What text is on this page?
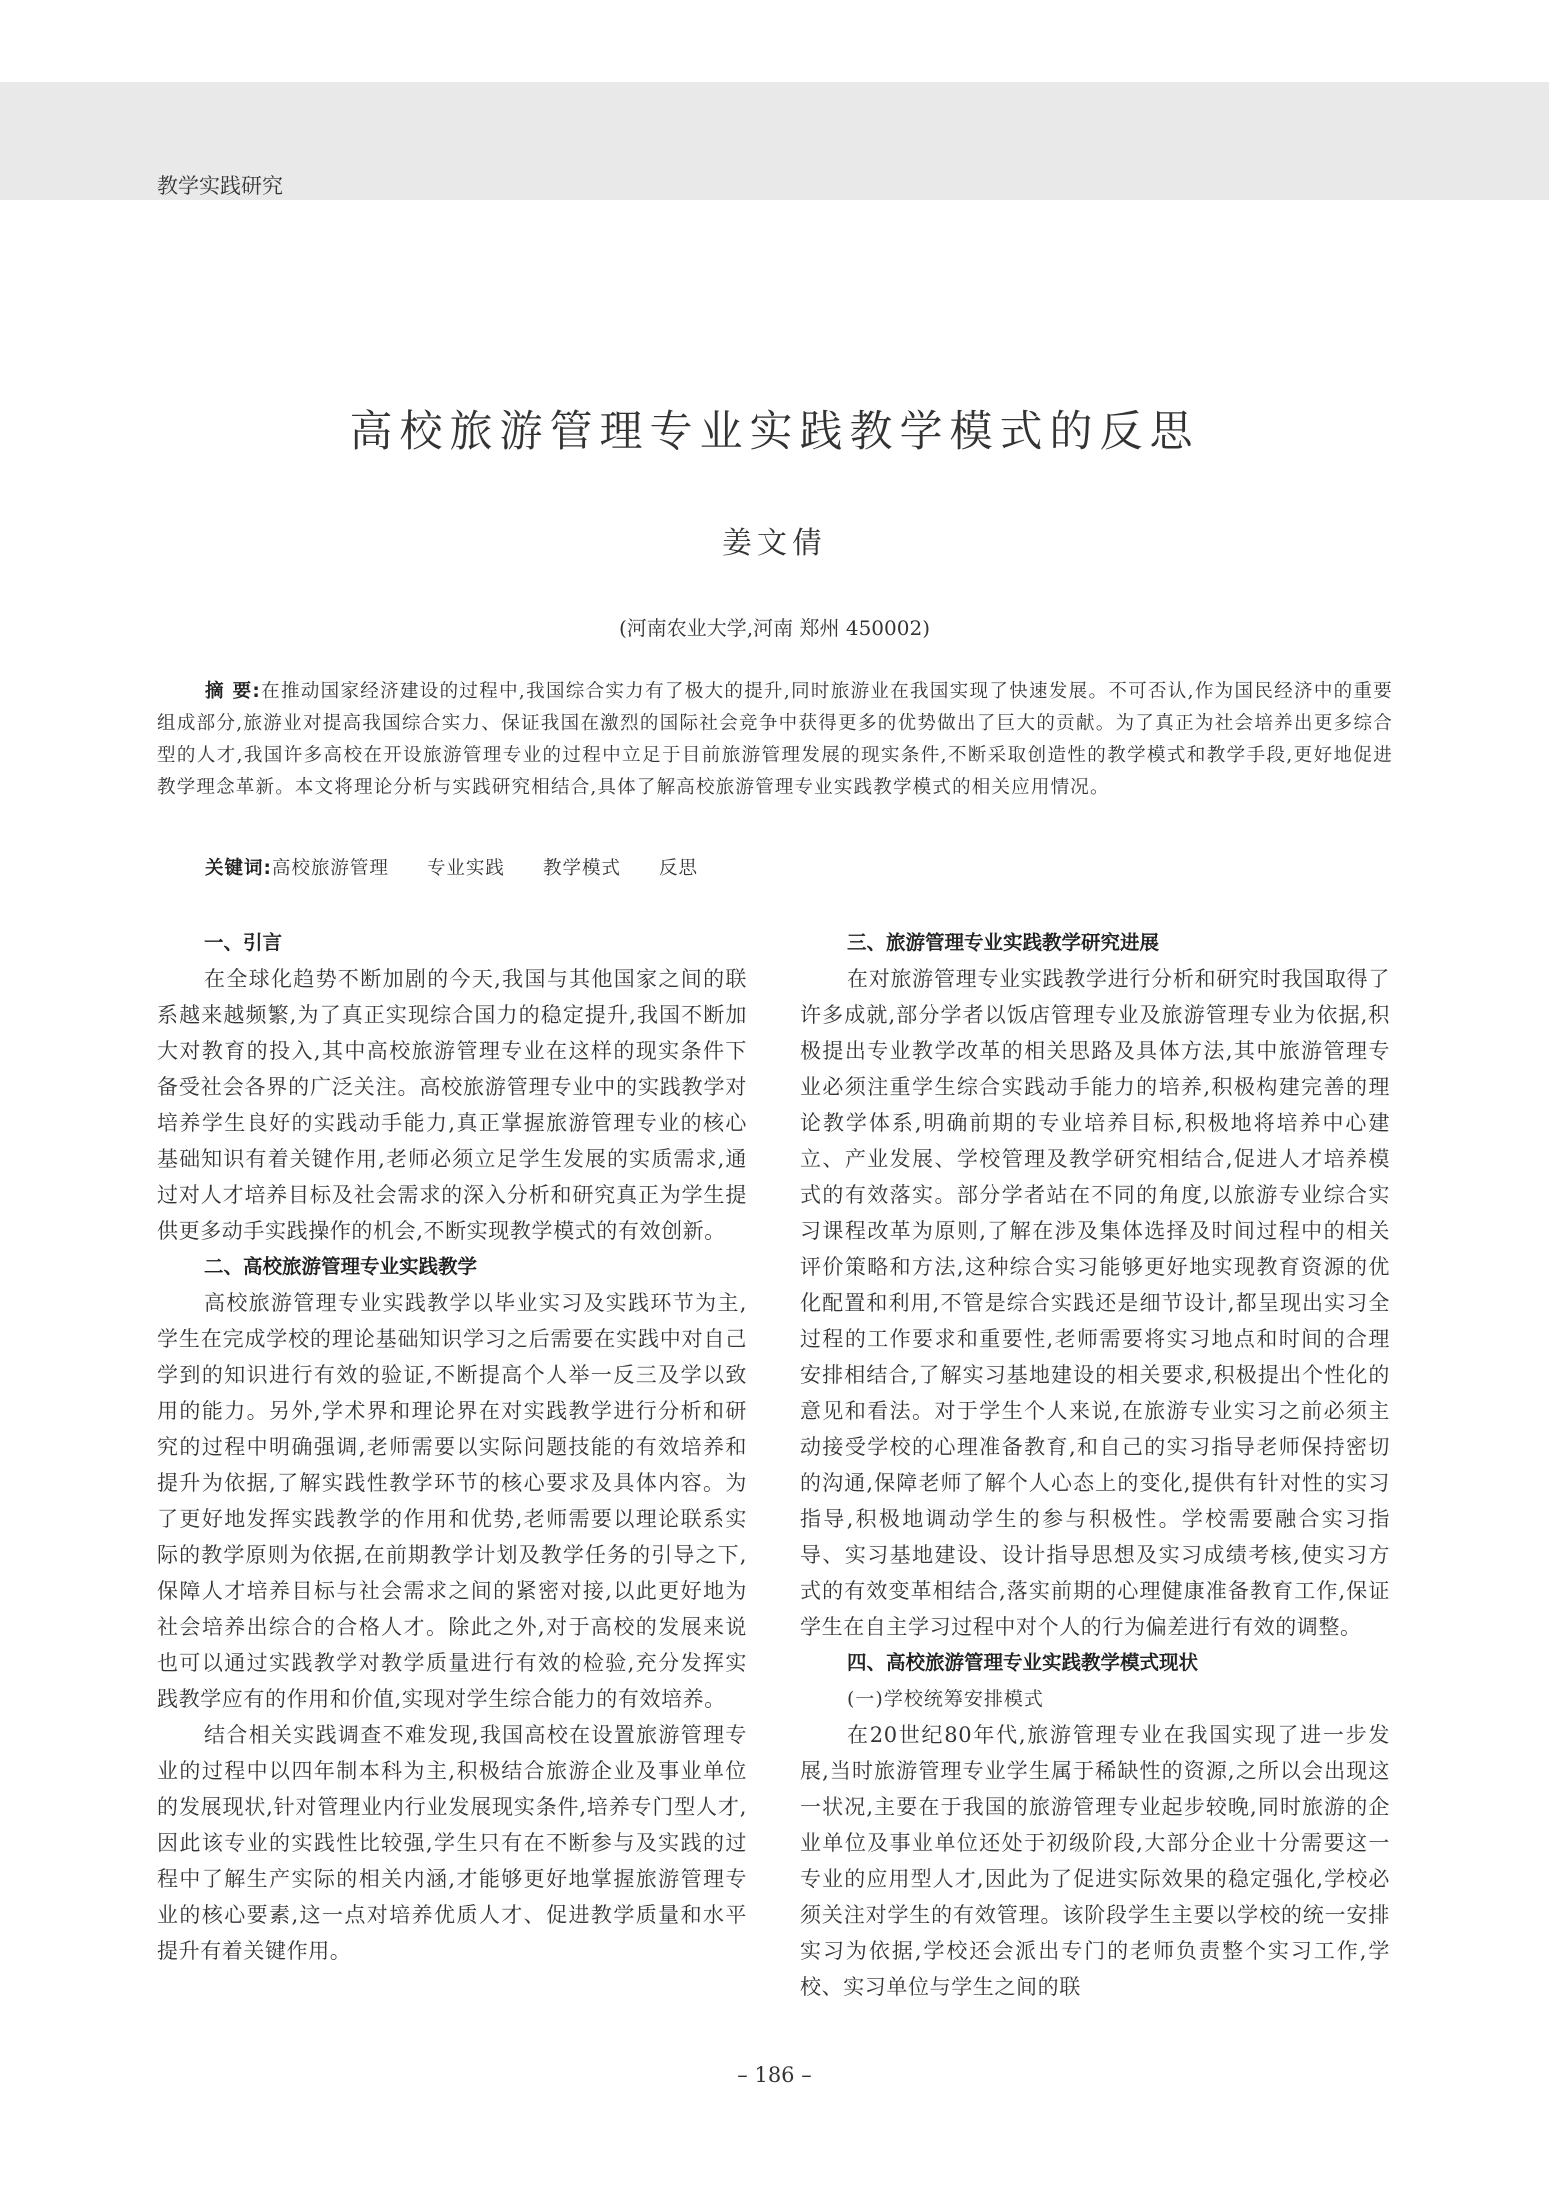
教学实践研究
高校旅游管理专业实践教学模式的反思
姜文倩
(河南农业大学,河南 郑州 450002)
摘 要:在推动国家经济建设的过程中,我国综合实力有了极大的提升,同时旅游业在我国实现了快速发展。不可否认,作为国民经济中的重要组成部分,旅游业对提高我国综合实力、保证我国在激烈的国际社会竞争中获得更多的优势做出了巨大的贡献。为了真正为社会培养出更多综合型的人才,我国许多高校在开设旅游管理专业的过程中立足于目前旅游管理发展的现实条件,不断采取创造性的教学模式和教学手段,更好地促进教学理念革新。本文将理论分析与实践研究相结合,具体了解高校旅游管理专业实践教学模式的相关应用情况。
关键词:高校旅游管理 专业实践 教学模式 反思
一、引言

在全球化趋势不断加剧的今天,我国与其他国家之间的联系越来越频繁,为了真正实现综合国力的稳定提升,我国不断加大对教育的投入,其中高校旅游管理专业在这样的现实条件下备受社会各界的广泛关注。高校旅游管理专业中的实践教学对培养学生良好的实践动手能力,真正掌握旅游管理专业的核心基础知识有着关键作用,老师必须立足学生发展的实质需求,通过对人才培养目标及社会需求的深入分析和研究真正为学生提供更多动手实践操作的机会,不断实现教学模式的有效创新。

二、高校旅游管理专业实践教学

高校旅游管理专业实践教学以毕业实习及实践环节为主,学生在完成学校的理论基础知识学习之后需要在实践中对自己学到的知识进行有效的验证,不断提高个人举一反三及学以致用的能力。另外,学术界和理论界在对实践教学进行分析和研究的过程中明确强调,老师需要以实际问题技能的有效培养和提升为依据,了解实践性教学环节的核心要求及具体内容。为了更好地发挥实践教学的作用和优势,老师需要以理论联系实际的教学原则为依据,在前期教学计划及教学任务的引导之下,保障人才培养目标与社会需求之间的紧密对接,以此更好地为社会培养出综合的合格人才。除此之外,对于高校的发展来说也可以通过实践教学对教学质量进行有效的检验,充分发挥实践教学应有的作用和价值,实现对学生综合能力的有效培养。

结合相关实践调查不难发现,我国高校在设置旅游管理专业的过程中以四年制本科为主,积极结合旅游企业及事业单位的发展现状,针对管理业内行业发展现实条件,培养专门型人才,因此该专业的实践性比较强,学生只有在不断参与及实践的过程中了解生产实际的相关内涵,才能够更好地掌握旅游管理专业的核心要素,这一点对培养优质人才、促进教学质量和水平提升有着关键作用。

三、旅游管理专业实践教学研究进展

在对旅游管理专业实践教学进行分析和研究时我国取得了许多成就,部分学者以饭店管理专业及旅游管理专业为依据,积极提出专业教学改革的相关思路及具体方法,其中旅游管理专业必须注重学生综合实践动手能力的培养,积极构建完善的理论教学体系,明确前期的专业培养目标,积极地将培养中心建立、产业发展、学校管理及教学研究相结合,促进人才培养模式的有效落实。部分学者站在不同的角度,以旅游专业综合实习课程改革为原则,了解在涉及集体选择及时间过程中的相关评价策略和方法,这种综合实习能够更好地实现教育资源的优化配置和利用,不管是综合实践还是细节设计,都呈现出实习全过程的工作要求和重要性,老师需要将实习地点和时间的合理安排相结合,了解实习基地建设的相关要求,积极提出个性化的意见和看法。对于学生个人来说,在旅游专业实习之前必须主动接受学校的心理准备教育,和自己的实习指导老师保持密切的沟通,保障老师了解个人心态上的变化,提供有针对性的实习指导,积极地调动学生的参与积极性。学校需要融合实习指导、实习基地建设、设计指导思想及实习成绩考核,使实习方式的有效变革相结合,落实前期的心理健康准备教育工作,保证学生在自主学习过程中对个人的行为偏差进行有效的调整。

四、高校旅游管理专业实践教学模式现状
(一)学校统筹安排模式

在20世纪80年代,旅游管理专业在我国实现了进一步发展,当时旅游管理专业学生属于稀缺性的资源,之所以会出现这一状况,主要在于我国的旅游管理专业起步较晚,同时旅游的企业单位及事业单位还处于初级阶段,大部分企业十分需要这一专业的应用型人才,因此为了促进实际效果的稳定强化,学校必须关注对学生的有效管理。该阶段学生主要以学校的统一安排实习为依据,学校还会派出专门的老师负责整个实习工作,学校、实习单位与学生之间的联

– 186 –
